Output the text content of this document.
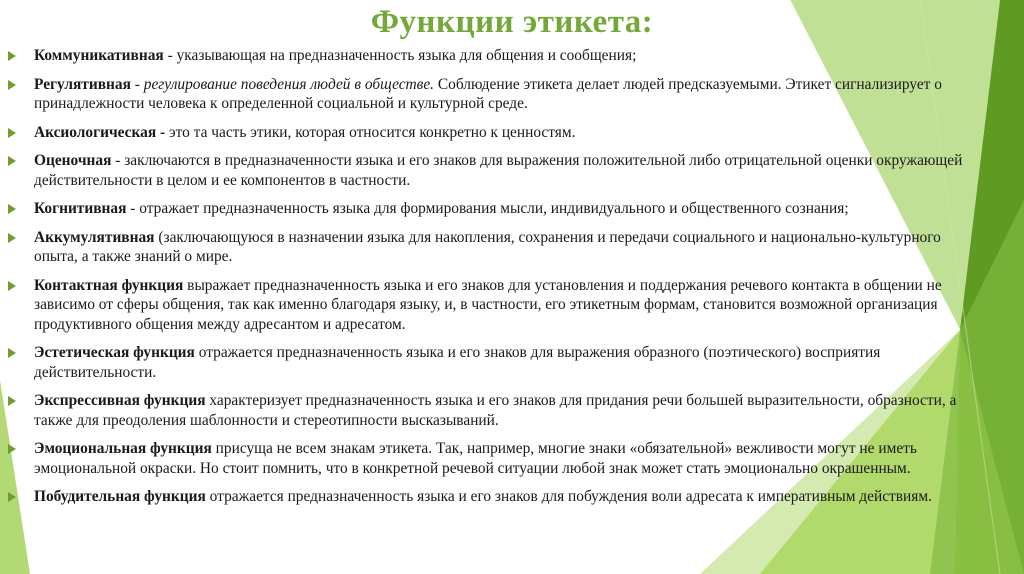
Функции этикета:
Коммуникативная - указывающая на предназначенность языка для общения и сообщения;
Регулятивная - регулирование поведения людей в обществе. Соблюдение этикета делает людей предсказуемыми. Этикет сигнализирует о принадлежности человека к определенной социальной и культурной среде.
Аксиологическая - это та часть этики, которая относится конкретно к ценностям.
Оценочная - заключаются в предназначенности языка и его знаков для выражения положительной либо отрицательной оценки окружающей действительности в целом и ее компонентов в частности.
Когнитивная - отражает предназначенность языка для формирования мысли, индивидуального и общественного сознания;
Аккумулятивная (заключающуюся в назначении языка для накопления, сохранения и передачи социального и национально-культурного опыта, а также знаний о мире.
Контактная функция выражает предназначенность языка и его знаков для установления и поддержания речевого контакта в общении не зависимо от сферы общения, так как именно благодаря языку, и, в частности, его этикетным формам, становится возможной организация продуктивного общения между адресантом и адресатом.
Эстетическая функция отражается предназначенность языка и его знаков для выражения образного (поэтического) восприятия действительности.
Экспрессивная функция характеризует предназначенность языка и его знаков для придания речи большей выразительности, образности, а также для преодоления шаблонности и стереотипности высказываний.
Эмоциональная функция присуща не всем знакам этикета. Так, например, многие знаки «обязательной» вежливости могут не иметь эмоциональной окраски. Но стоит помнить, что в конкретной речевой ситуации любой знак может стать эмоционально окрашенным.
Побудительная функция отражается предназначенность языка и его знаков для побуждения воли адресата к императивным действиям.
